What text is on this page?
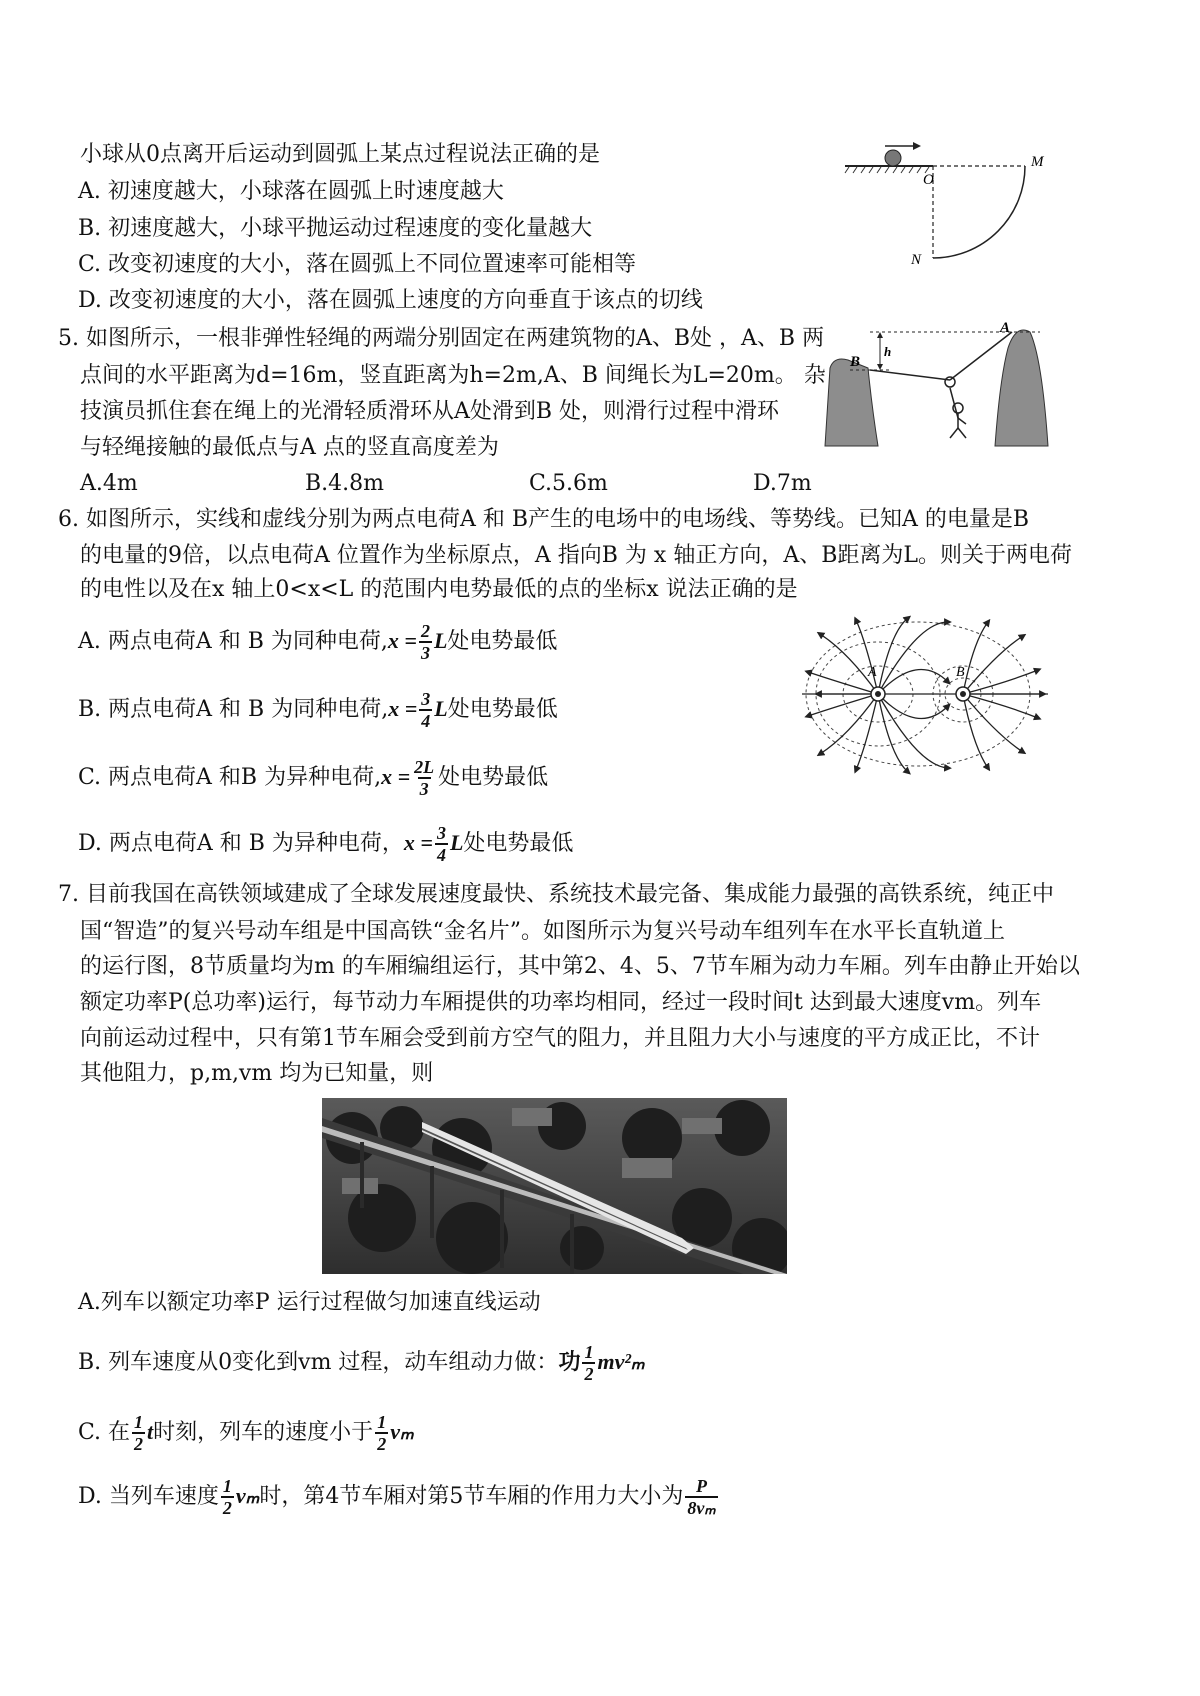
小球从0点离开后运动到圆弧上某点过程说法正确的是
A. 初速度越大，小球落在圆弧上时速度越大
B. 初速度越大，小球平抛运动过程速度的变化量越大
C. 改变初速度的大小，落在圆弧上不同位置速率可能相等
D. 改变初速度的大小，落在圆弧上速度的方向垂直于该点的切线
O
M
N
5. 如图所示，一根非弹性轻绳的两端分别固定在两建筑物的A、B处 ，A、B 两
点间的水平距离为d=16m，竖直距离为h=2m,A、B 间绳长为L=20m。 杂
技演员抓住套在绳上的光滑轻质滑环从A处滑到B 处，则滑行过程中滑环
与轻绳接触的最低点与A 点的竖直高度差为
A.4m	B.4.8m	C.5.6m	D.7m
B
A
h
6. 如图所示，实线和虚线分别为两点电荷A 和 B产生的电场中的电场线、等势线。已知A 的电量是B
的电量的9倍，以点电荷A 位置作为坐标原点，A 指向B 为 x 轴正方向，A、B距离为L。则关于两电荷
的电性以及在x 轴上0<x<L 的范围内电势最低的点的坐标x 说法正确的是
A. 两点电荷A 和 B 为同种电荷$,x = \frac{2}{3}$ L处电势最低
B. 两点电荷A 和 B 为同种电荷$,x = \frac{3}{4}$ L处电势最低
C. 两点电荷A 和B 为异种电荷$,x = \frac{2L}{3}$ 处电势最低
D. 两点电荷A 和 B 为异种电荷，$x = \frac{3}{4}$ L处电势最低
A	B
7. 目前我国在高铁领域建成了全球发展速度最快、系统技术最完备、集成能力最强的高铁系统，纯正中
国“智造”的复兴号动车组是中国高铁“金名片”。如图所示为复兴号动车组列车在水平长直轨道上
的运行图，8节质量均为m 的车厢编组运行，其中第2、4、5、7节车厢为动力车厢。列车由静止开始以
额定功率P(总功率)运行，每节动力车厢提供的功率均相同，经过一段时间t 达到最大速度vm。列车
向前运动过程中，只有第1节车厢会受到前方空气的阻力，并且阻力大小与速度的平方成正比，不计
其他阻力，p,m,vm 均为已知量，则
A.列车以额定功率P 运行过程做匀加速直线运动
B. 列车速度从0变化到vm 过程，动车组动力做：功 $\frac{1}{2} mv^2_m$
C. 在 $\frac{1}{2}$ t时刻，列车的速度小于 $\frac{1}{2}$ vₘ
D. 当列车速度 $\frac{1}{2}$ vₘ时，第4节车厢对第5节车厢的作用力大小为 $\frac{P}{\text{8vₘ}}$
